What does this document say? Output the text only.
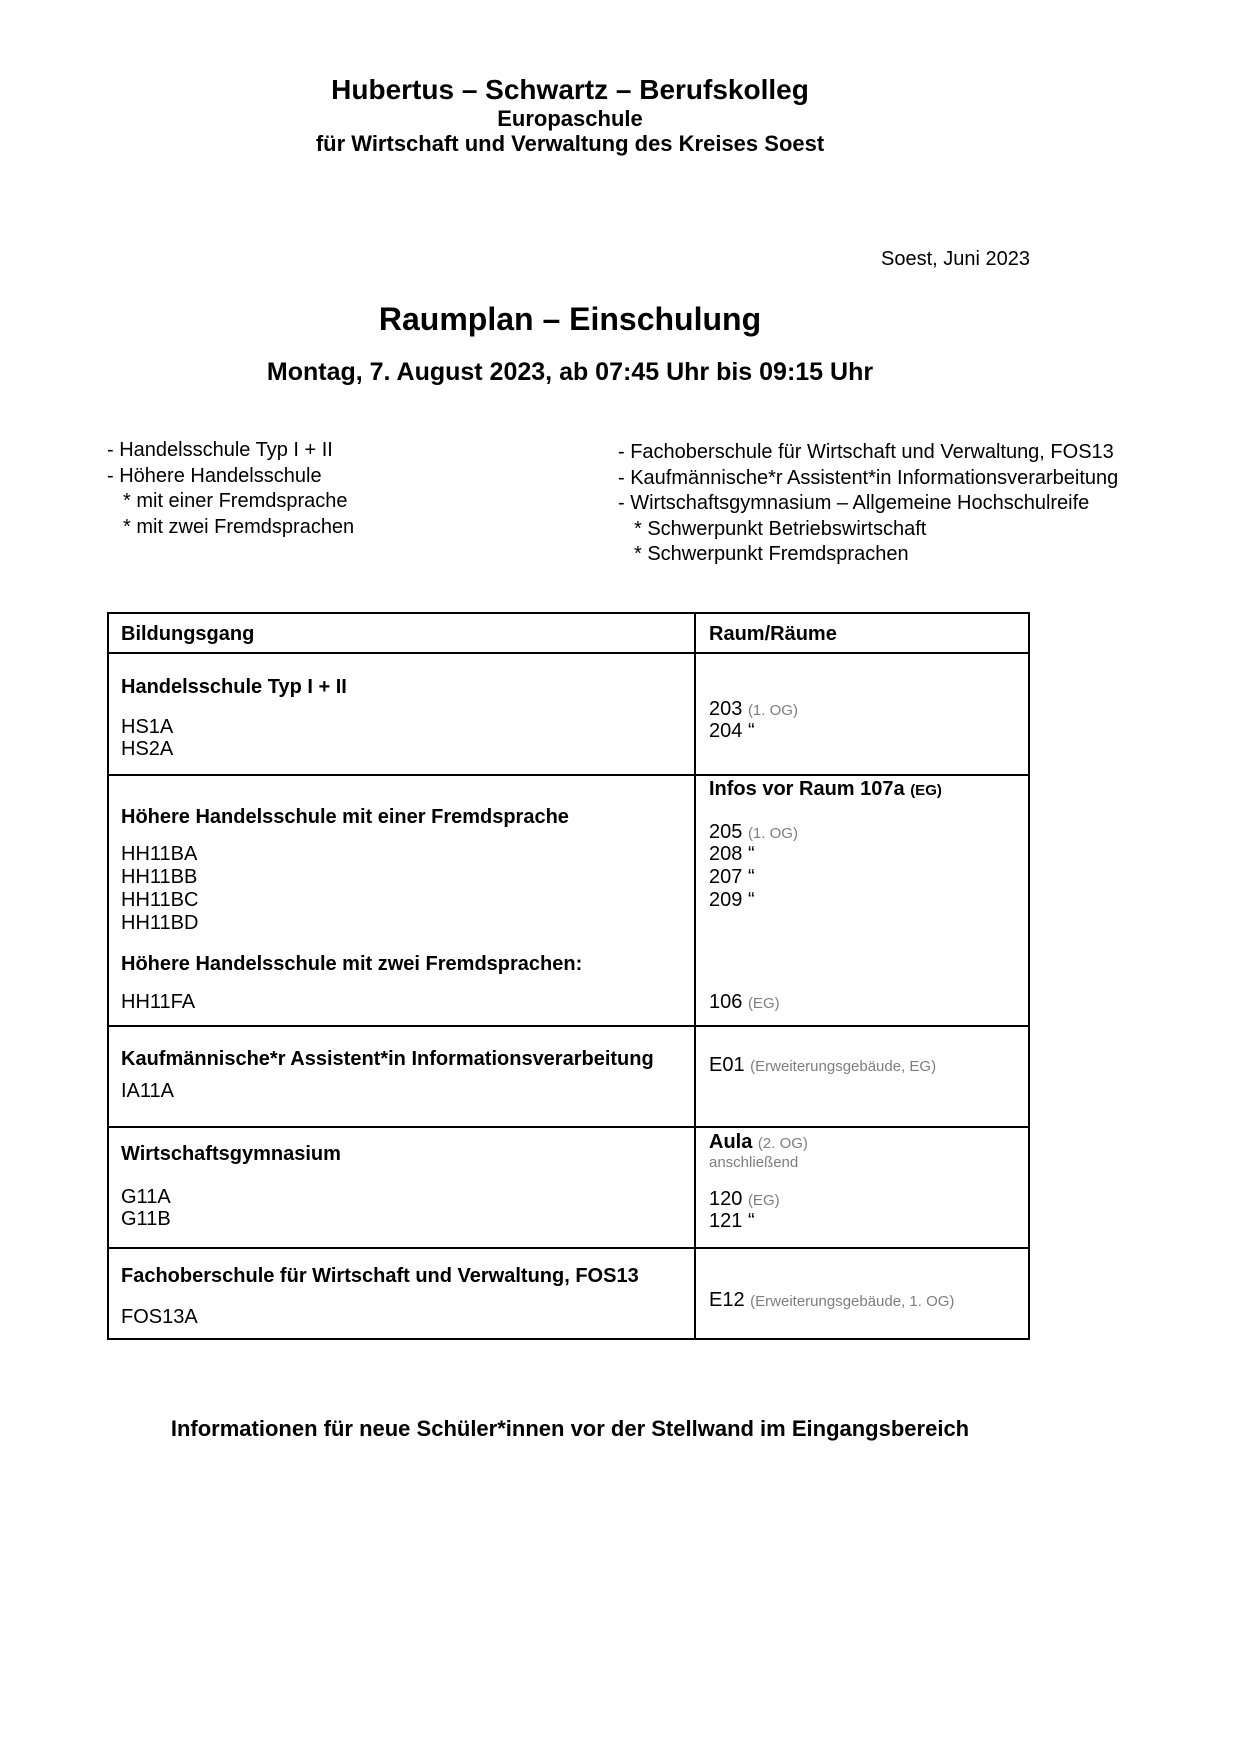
Hubertus – Schwartz – Berufskolleg
Europaschule
für Wirtschaft und Verwaltung des Kreises Soest
Soest, Juni 2023
Raumplan – Einschulung
Montag, 7. August 2023, ab 07:45 Uhr bis 09:15 Uhr
- Handelsschule Typ I + II
- Höhere Handelsschule
* mit einer Fremdsprache
* mit zwei Fremdsprachen
- Fachoberschule für Wirtschaft und Verwaltung, FOS13
- Kaufmännische*r Assistent*in Informationsverarbeitung
- Wirtschaftsgymnasium – Allgemeine Hochschulreife
* Schwerpunkt Betriebswirtschaft
* Schwerpunkt Fremdsprachen
Bildungsgang	Raum/Räume
Handelsschule Typ I + II
HS1A
HS2A
203 (1. OG)
204 “
Infos vor Raum 107a (EG)
Höhere Handelsschule mit einer Fremdsprache
HH11BA
HH11BB
HH11BC
HH11BD
205 (1. OG)
208 “
207 “
209 “
Höhere Handelsschule mit zwei Fremdsprachen:
HH11FA	106 (EG)
Kaufmännische*r Assistent*in Informationsverarbeitung
IA11A
E01 (Erweiterungsgebäude, EG)
Aula (2. OG)
anschließend
Wirtschaftsgymnasium
G11A
G11B
120 (EG)
121 “
Fachoberschule für Wirtschaft und Verwaltung, FOS13
FOS13A
E12 (Erweiterungsgebäude, 1. OG)
Informationen für neue Schüler*innen vor der Stellwand im Eingangsbereich
